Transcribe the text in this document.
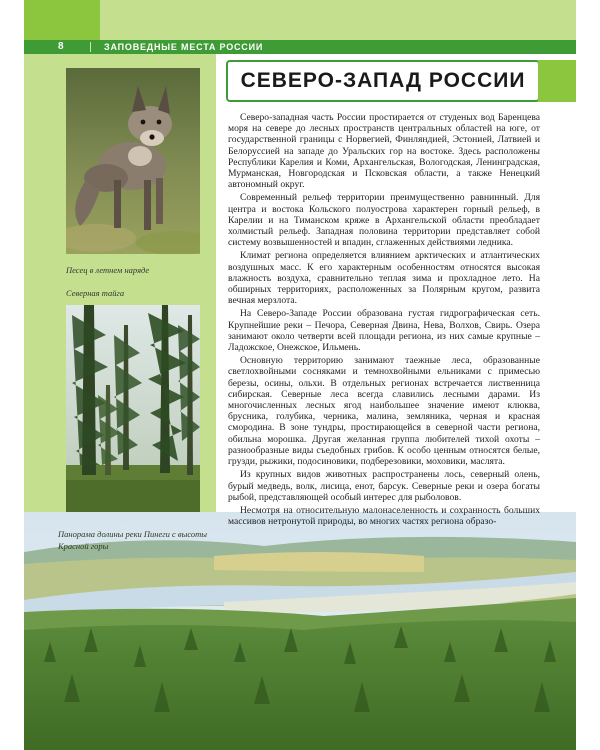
8	ЗАПОВЕДНЫЕ МЕСТА РОССИИ
Песец в летнем наряде
Северная тайга
Панорама долины реки Пинеги с высоты Красной горы
СЕВЕРО-ЗАПАД РОССИИ

Северо-западная часть России простирается от студеных вод Баренцева моря на севере до лесных пространств центральных областей на юге, от государственной границы с Норвегией, Финляндией, Эстонией, Латвией и Белоруссией на западе до Уральских гор на востоке. Здесь расположены Республики Карелия и Коми, Архангельская, Вологодская, Ленинградская, Мурманская, Новгородская и Псковская области, а также Ненецкий автономный округ.

Современный рельеф территории преимущественно равнинный. Для центра и востока Кольского полуострова характерен горный рельеф, в Карелии и на Тиманском кряже в Архангельской области преобладает холмистый рельеф. Западная половина территории представляет собой систему возвышенностей и впадин, сглаженных действиями ледника.

Климат региона определяется влиянием арктических и атлантических воздушных масс. К его характерным особенностям относятся высокая влажность воздуха, сравнительно теплая зима и прохладное лето. На обширных территориях, расположенных за Полярным кругом, развита вечная мерзлота.

На Северо-Западе России образована густая гидрографическая сеть. Крупнейшие реки – Печора, Северная Двина, Нева, Волхов, Свирь. Озера занимают около четверти всей площади региона, из них самые крупные – Ладожское, Онежское, Ильмень.

Основную территорию занимают таежные леса, образованные светлохвойными сосняками и темнохвойными ельниками с примесью березы, осины, ольхи. В отдельных регионах встречается лиственница сибирская. Северные леса всегда славились лесными дарами. Из многочисленных лесных ягод наибольшее значение имеют клюква, брусника, голубика, черника, малина, земляника, черная и красная смородина. В зоне тундры, простирающейся в северной части региона, обильна морошка. Другая желанная группа любителей тихой охоты – разнообразные виды съедобных грибов. К особо ценным относятся белые, грузди, рыжики, подосиновики, подберезовики, моховики, маслята.

Из крупных видов животных распространены лось, северный олень, бурый медведь, волк, лисица, енот, барсук. Северные реки и озера богаты рыбой, представляющей особый интерес для рыболовов.

Несмотря на относительную малонаселенность и сохранность больших массивов нетронутой природы, во многих частях региона образо-
